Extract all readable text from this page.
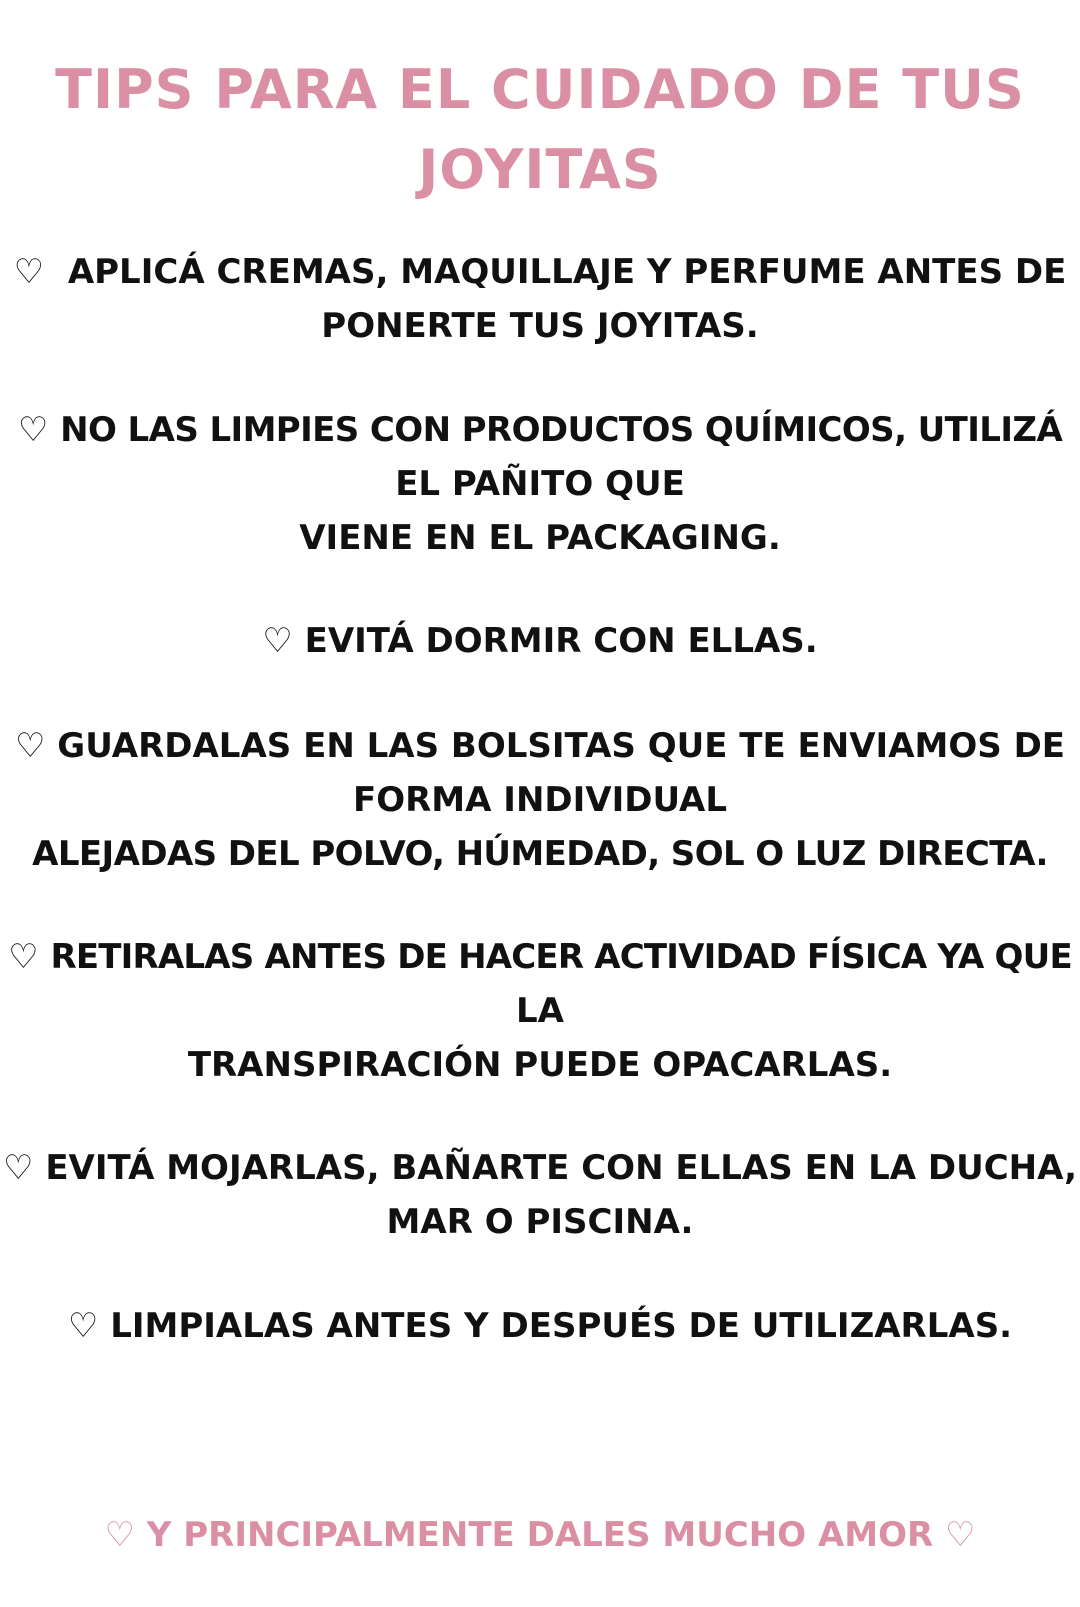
TIPS PARA EL CUIDADO DE TUS
JOYITAS

♡ APLICÁ CREMAS, MAQUILLAJE Y PERFUME ANTES DE
PONERTE TUS JOYITAS.

♡ NO LAS LIMPIES CON PRODUCTOS QUÍMICOS, UTILIZÁ
EL PAÑITO QUE
VIENE EN EL PACKAGING.

♡ EVITÁ DORMIR CON ELLAS.

♡ GUARDALAS EN LAS BOLSITAS QUE TE ENVIAMOS DE
FORMA INDIVIDUAL
ALEJADAS DEL POLVO, HÚMEDAD, SOL O LUZ DIRECTA.

♡ RETIRALAS ANTES DE HACER ACTIVIDAD FÍSICA YA QUE
LA
TRANSPIRACIÓN PUEDE OPACARLAS.

♡ EVITÁ MOJARLAS, BAÑARTE CON ELLAS EN LA DUCHA,
MAR O PISCINA.

♡ LIMPIALAS ANTES Y DESPUÉS DE UTILIZARLAS.

♡ Y PRINCIPALMENTE DALES MUCHO AMOR ♡
